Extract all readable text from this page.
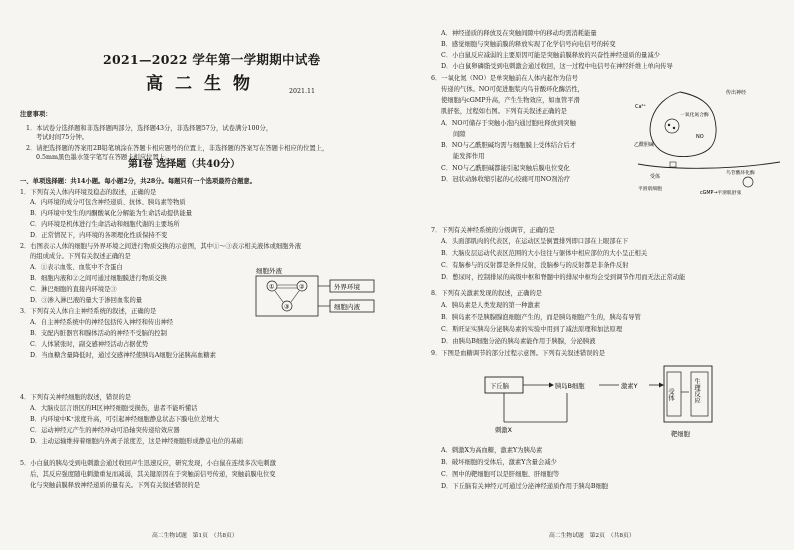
2021—2022 学年第一学期期中试卷
高二生物	2021.11
注意事项：
1．本试卷分选择题和非选择题两部分，选择题43分，非选择题57分，试卷满分100分，
考试时间75分钟。
2．请把选择题的答案用2B铅笔填涂在答题卡相应题号的位置上，非选择题的答案写在答题卡相应的位置上，
0.5mm黑色墨水签字笔写在答题卡相应位置上。
第Ⅰ卷 选择题（共40分）
一、单项选择题：共14小题。每小题2分，共28分。每题只有一个选项最符合题意。
1．下列有关人体内环境及稳态的叙述，正确的是
A．内环境的成分可包含神经递质、抗体、胰岛素等物质
B．内环境中发生的丙酮酸氧化分解能为生命活动提供能量
C．内环境是机体进行生命活动和细胞代谢的主要场所
D．正常情况下，内环境的各项理化性质保持不变
2．右图表示人体的细胞与外界环境之间进行物质交换的示意图，其中①～③表示相关液体或细胞外液
的组成成分。下列有关叙述正确的是
A．①表示血浆、血浆中不含蛋白
B．细胞内液和②之间可通过细胞膜进行物质交换
C．淋巴细胞的直接内环境是③
D．③渗入淋巴液的量大于渗回血浆的量
细胞外液
①	②
③
外界环境
细胞内液
3．下列有关人体自主神经系统的叙述，正确的是
A．自主神经系统中的神经包括传入神经和传出神经
B．支配内脏器官和腺体活动的神经不受脑的控制
C．人体紧张时，副交感神经活动占据优势
D．当血糖含量降低时，通过交感神经使胰岛A细胞分泌胰高血糖素
4．下列有关神经细胞的叙述，错误的是
A．大脑皮层言语区的H区神经细胞受损伤，患者不能听懂话
B．内环境中K⁺浓度升高，可引起神经细胞静息状态下膜电位差增大
C．运动神经元产生的神经冲动可沿轴突传递给效应器
D．主动运输维持着细胞内外离子浓度差，这是神经细胞形成静息电位的基础
5．小白鼠的胰岛受到电刺激会通过收回声生迅速反应，研究发现，小白鼠在连续多次电刺激
后，其反应强度随电刺激重复而减弱，其关键原因在于突触前信号传递，突触前膜电位变
化与突触前膜释放神经递质的量有关。下列有关叙述错误的是
高二生物试题　第1页　（共8页）
A．神经递质的释放及在突触间隙中的移动均需消耗能量
B．感觉细胞与突触前膜的释放实现了化学信号向电信号的转变
C．小白鼠反应减弱的主要原因可能是突触前膜释放的兴奋性神经递质的量减少
D．小白鼠卵磷脂受到电刺激会通过收回，这一过程中电信号在神经纤维上单向传导
6．一氧化氮（NO）是单突触前在人体内起作为信号
传递的气体。NO可促进胞浆内鸟苷酸环化酶活性，
使细胞内cGMP升高，产生生物效应，如血管平滑
肌舒张，过程如右图。下列有关叙述正确的是
A．NO可储存于突触小泡内通过胞吐释放到突触
间隙
B．NO与乙酰胆碱均需与细胞膜上受体结合后才
能发挥作用
C．NO与乙酰胆碱都能引起突触后膜电位变化
D．冠状动脉收缩引起的心绞痛可用NO剂治疗
传出神经
一氧化氮合酶
Ca²⁺
乙酰胆碱
NO
受体
鸟苷酸环化酶
cGMP→平滑肌舒张
平滑肌细胞
7．下列有关神经系统的分级调节，正确的是
A．头面部肌肉的代表区，在运动区呈倒置排列即口部在上眼部在下
B．大脑皮层运动代表区范围的大小往往与躯体中相应部位的大小呈正相关
C．有脑参与的反射都是条件反射，没脑参与的反射都是非条件反射
D．憋尿时，控制排尿的高级中枢和脊髓中的排尿中枢均会受到调节作用而无法正常动能
8．下列有关激素发现的叙述，正确的是
A．胰岛素是人类发现的第一种激素
B．胰岛素不是胰腺腺泡细胞产生的，而是胰岛细胞产生的，胰岛有导管
C．斯旺证实胰岛分泌胰岛素的实验中用到了减法原理和加法原理
D．由胰岛B细胞分泌的胰岛素能作用于胰腺，分泌胰液
9．下图是血糖调节的部分过程示意图。下列有关叙述错误的是
下丘脑	胰岛B细胞	激素Y
受体	生理反应
刺激X
靶细胞
A．刺激X为高血糖，激素Y为胰岛素
B．破坏细胞的受体后，激素Y含量会减少
C．图中的靶细胞可以是肝细胞、肝细胞等
D．下丘脑有关神经元可通过分泌神经递质作用于胰岛B细胞
高二生物试题　第2页　（共8页）
